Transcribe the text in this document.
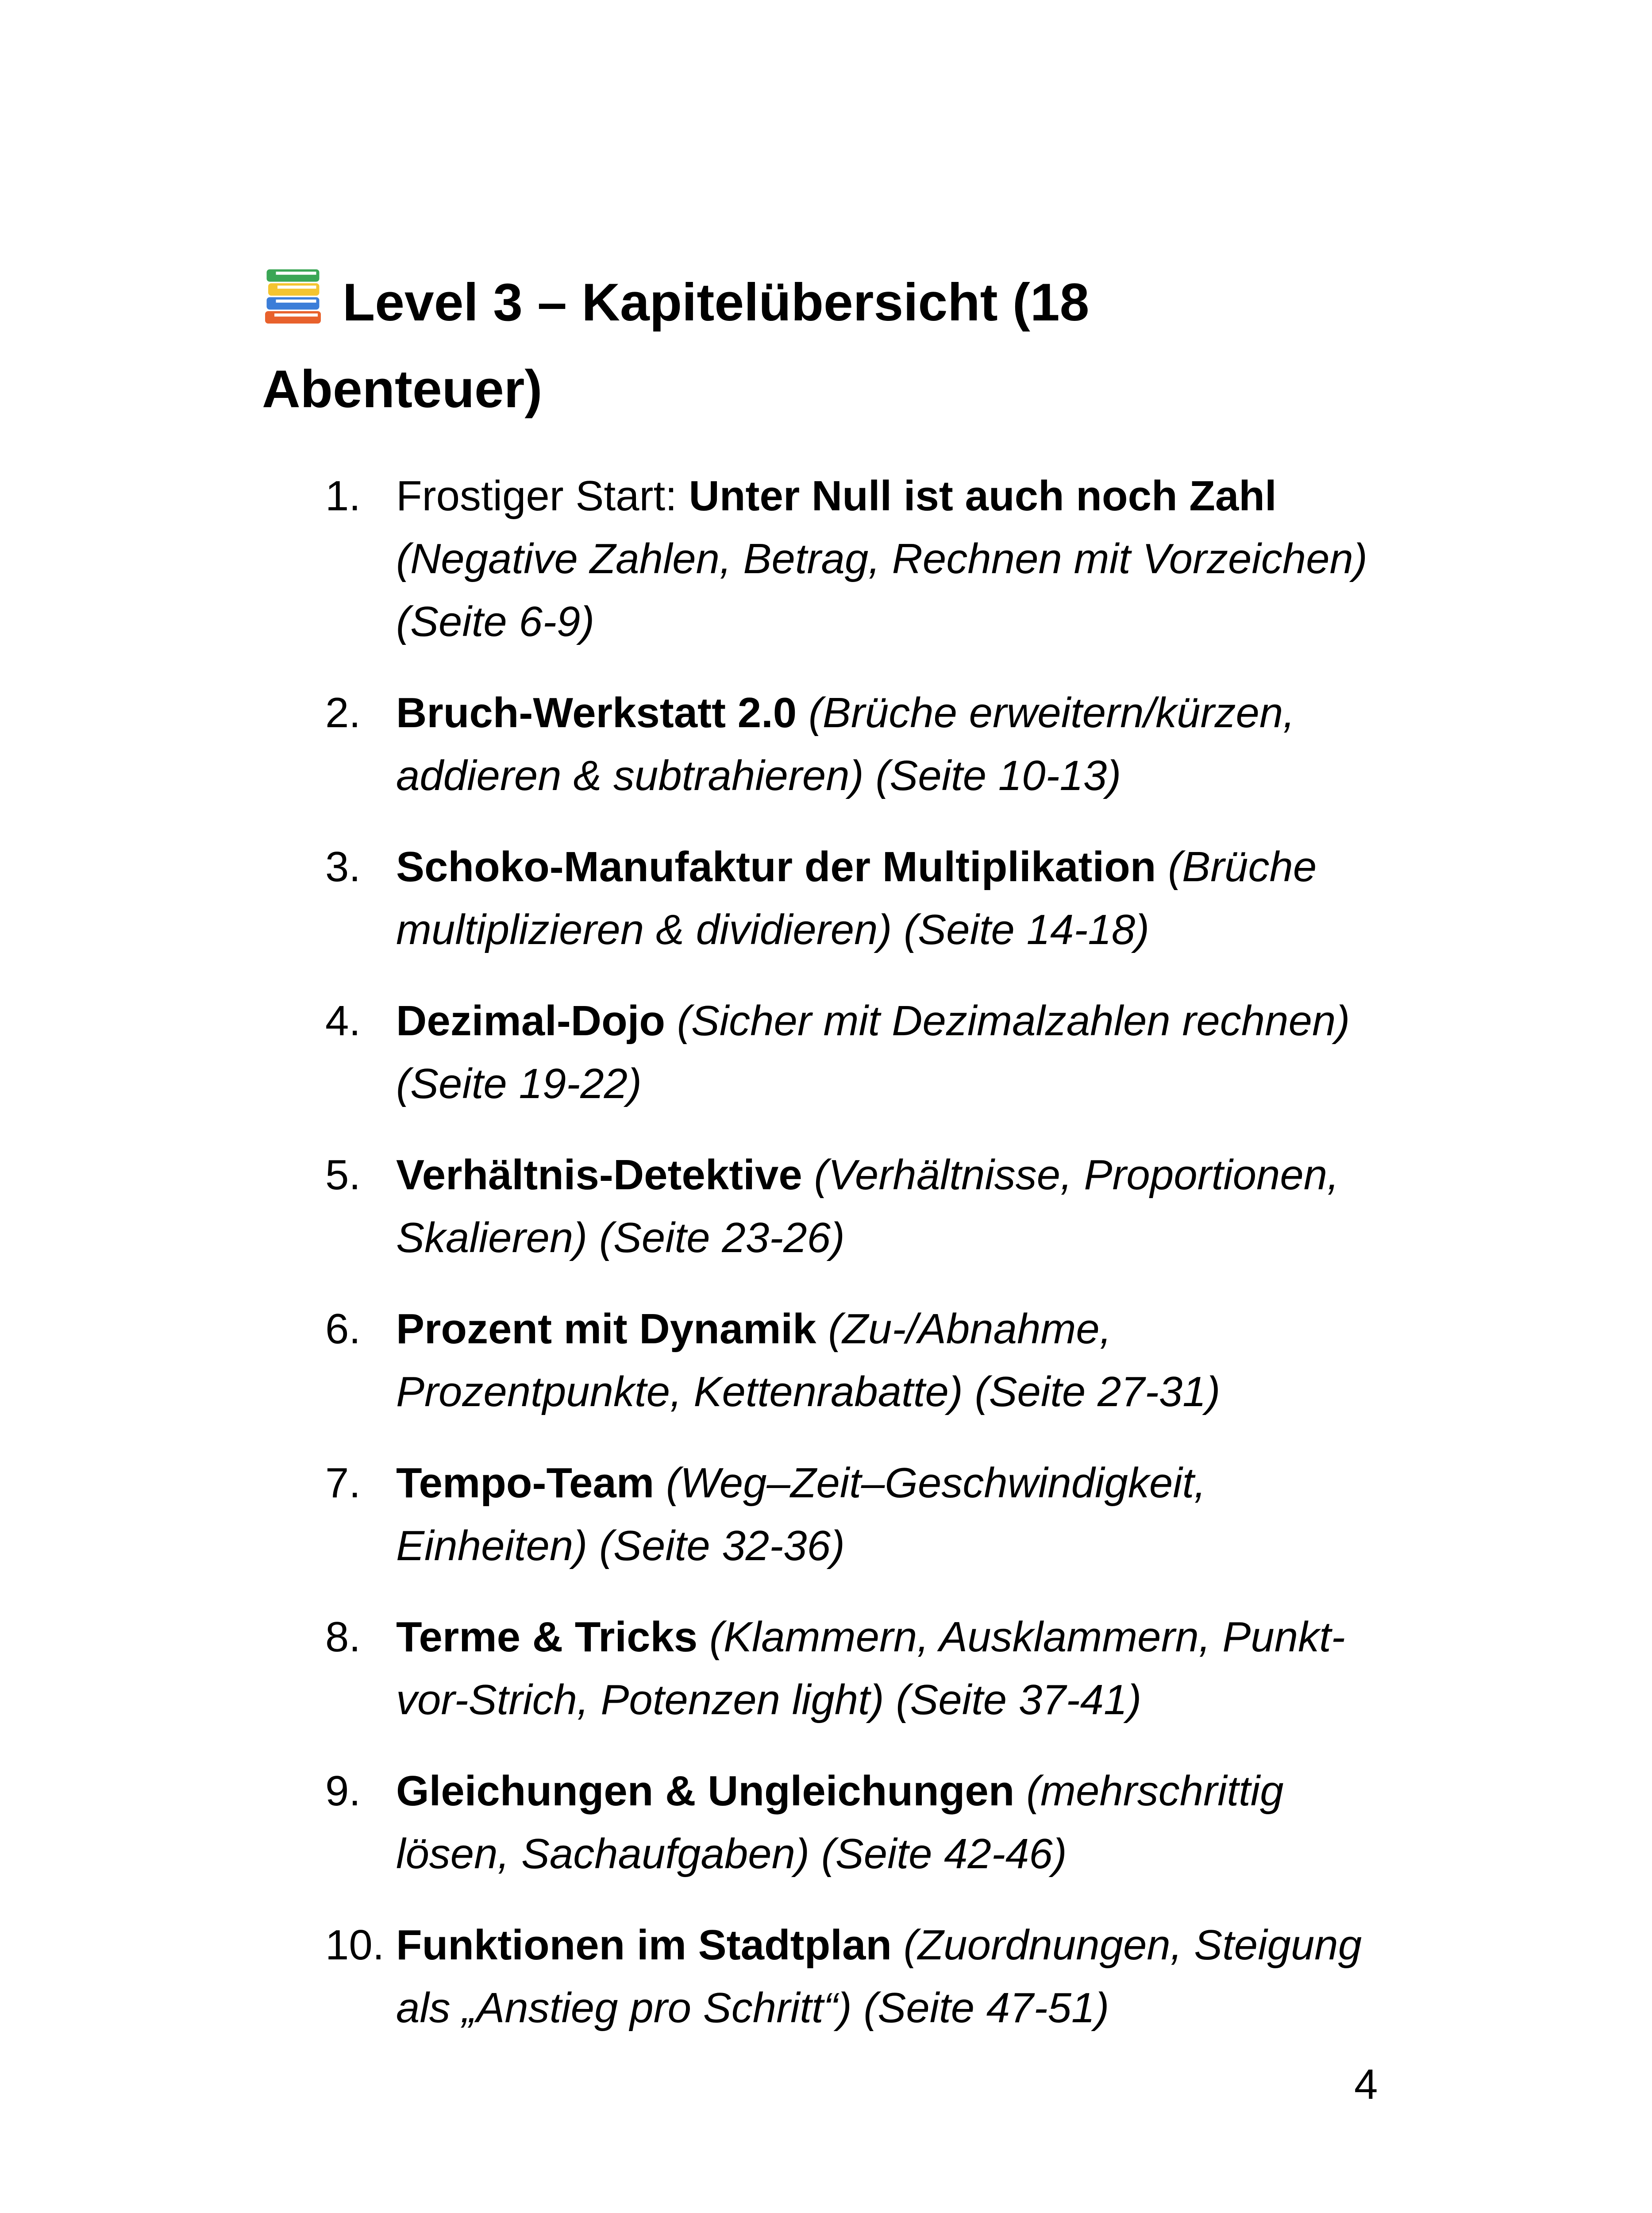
Level 3 – Kapitelübersicht (18
Abenteuer)
1. Frostiger Start: Unter Null ist auch noch Zahl (Negative Zahlen, Betrag, Rechnen mit Vorzeichen) (Seite 6-9)
2. Bruch-Werkstatt 2.0 (Brüche erweitern/kürzen, addieren & subtrahieren) (Seite 10-13)
3. Schoko-Manufaktur der Multiplikation (Brüche multiplizieren & dividieren) (Seite 14-18)
4. Dezimal-Dojo (Sicher mit Dezimalzahlen rechnen) (Seite 19-22)
5. Verhältnis-Detektive (Verhältnisse, Proportionen, Skalieren) (Seite 23-26)
6. Prozent mit Dynamik (Zu-/Abnahme, Prozentpunkte, Kettenrabatte) (Seite 27-31)
7. Tempo-Team (Weg–Zeit–Geschwindigkeit, Einheiten) (Seite 32-36)
8. Terme & Tricks (Klammern, Ausklammern, Punkt-vor-Strich, Potenzen light) (Seite 37-41)
9. Gleichungen & Ungleichungen (mehrschrittig lösen, Sachaufgaben) (Seite 42-46)
10. Funktionen im Stadtplan (Zuordnungen, Steigung als „Anstieg pro Schritt“) (Seite 47-51)
4
